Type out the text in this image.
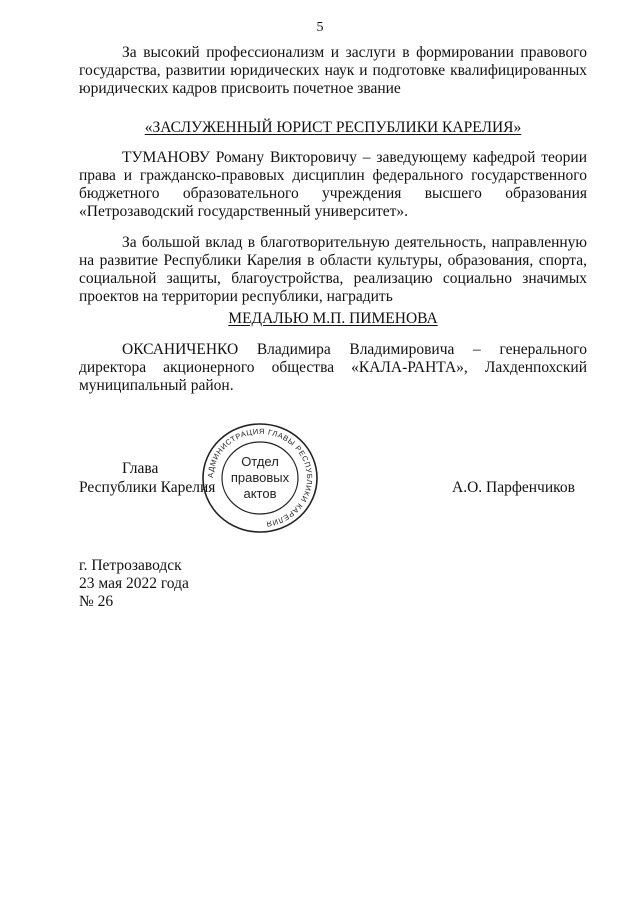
5
За высокий профессионализм и заслуги в формировании правового государства, развитии юридических наук и подготовке квалифицированных юридических кадров присвоить почетное звание
«ЗАСЛУЖЕННЫЙ ЮРИСТ РЕСПУБЛИКИ КАРЕЛИЯ»
ТУМАНОВУ Роману Викторовичу – заведующему кафедрой теории права и гражданско-правовых дисциплин федерального государственного бюджетного образовательного учреждения высшего образования «Петрозаводский государственный университет».
За большой вклад в благотворительную деятельность, направленную на развитие Республики Карелия в области культуры, образования, спорта, социальной защиты, благоустройства, реализацию социально значимых проектов на территории республики, наградить
МЕДАЛЬЮ М.П. ПИМЕНОВА
ОКСАНИЧЕНКО Владимира Владимировича – генерального директора акционерного общества «КАЛА-РАНТА», Лахденпохский муниципальный район.
Глава
Республики Карелия	А.О. Парфенчиков
АДМИНИСТРАЦИЯ ГЛАВЫ РЕСПУБЛИКИ КАРЕЛИЯ
Отдел
правовых
актов
г. Петрозаводск
23 мая 2022 года
№ 26
